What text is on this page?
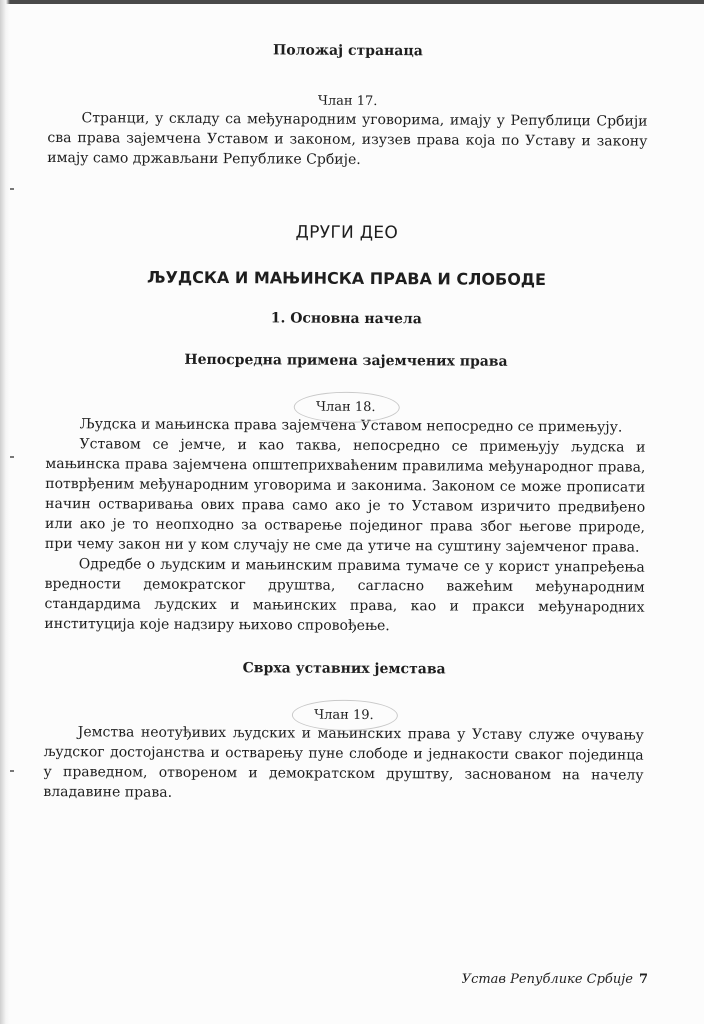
Положај странаца
Члан 17.

Странци, у складу са међународним уговорима, имају у Републици Србији сва права зајемчена Уставом и законом, изузев права која по Уставу и закону имају само држављани Републике Србије.

ДРУГИ ДЕО
ЉУДСКА И МАЊИНСКА ПРАВА И СЛОБОДЕ
1. Основна начела
Непосредна примена зајемчених права
Члан 18.

Људска и мањинска права зајемчена Уставом непосредно се примењују.

Уставом се јемче, и као таква, непосредно се примењују људска и мањинска права зајемчена општеприхваћеним правилима међународног права, потврђеним међународним уговорима и законима. Законом се може прописати начин остваривања ових права само ако је то Уставом изричито предвиђено или ако је то неопходно за остварење појединог права због његове природе, при чему закон ни у ком случају не сме да утиче на суштину зајемченог права.

Одредбе о људским и мањинским правима тумаче се у корист унапређења вредности демократског друштва, сагласно важећим међународним стандардима људских и мањинских права, као и пракси међународних институција које надзиру њихово спровођење.

Сврха уставних јемстава
Члан 19.

Јемства неотуђивих људских и мањинских права у Уставу служе очувању људског достојанства и остварењу пуне слободе и једнакости сваког појединца у праведном, отвореном и демократском друштву, заснованом на начелу владавине права.

Устав Републике Србије 7
